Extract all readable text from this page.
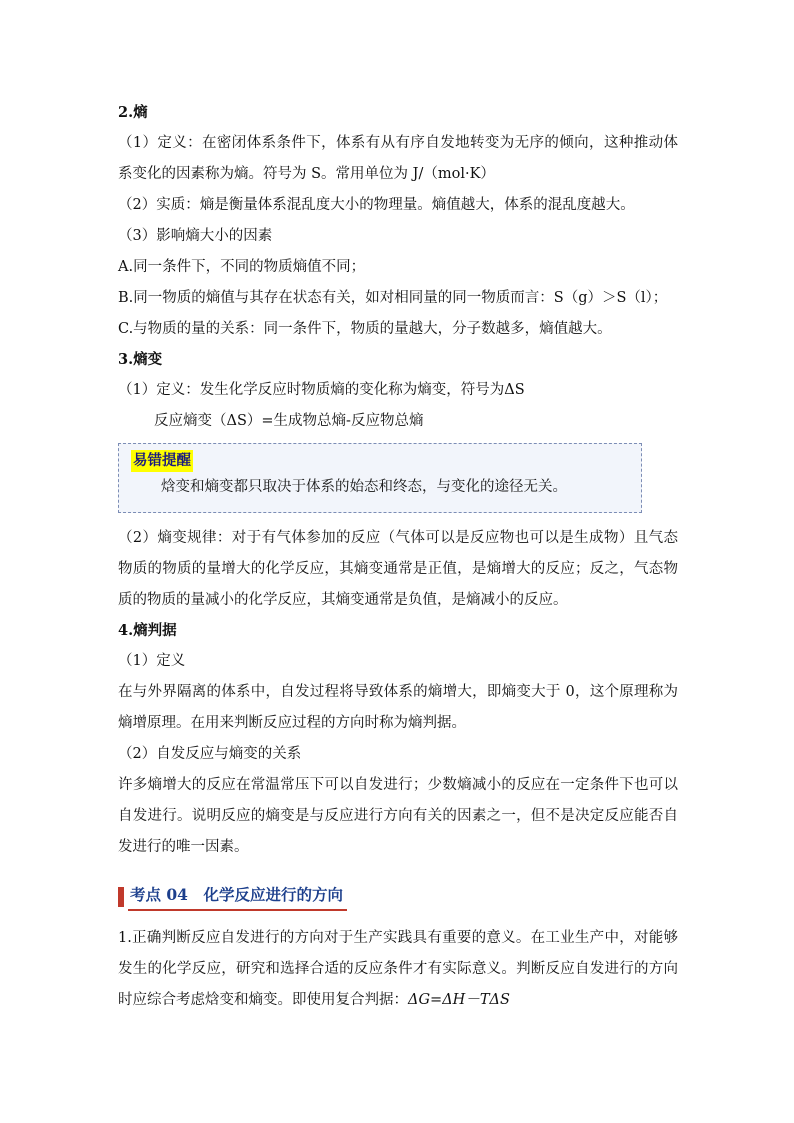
2.熵
（1）定义：在密闭体系条件下，体系有从有序自发地转变为无序的倾向，这种推动体系变化的因素称为熵。符号为 S。常用单位为 J/（mol·K）
（2）实质：熵是衡量体系混乱度大小的物理量。熵值越大，体系的混乱度越大。
（3）影响熵大小的因素
A.同一条件下，不同的物质熵值不同；
B.同一物质的熵值与其存在状态有关，如对相同量的同一物质而言：S（g）＞S（l）；
C.与物质的量的关系：同一条件下，物质的量越大，分子数越多，熵值越大。
3.熵变
（1）定义：发生化学反应时物质熵的变化称为熵变，符号为ΔS
反应熵变（ΔS）=生成物总熵-反应物总熵
易错提醒
焓变和熵变都只取决于体系的始态和终态，与变化的途径无关。
（2）熵变规律：对于有气体参加的反应（气体可以是反应物也可以是生成物）且气态物质的物质的量增大的化学反应，其熵变通常是正值，是熵增大的反应；反之，气态物质的物质的量减小的化学反应，其熵变通常是负值，是熵减小的反应。
4.熵判据
（1）定义
在与外界隔离的体系中，自发过程将导致体系的熵增大，即熵变大于 0，这个原理称为熵增原理。在用来判断反应过程的方向时称为熵判据。
（2）自发反应与熵变的关系
许多熵增大的反应在常温常压下可以自发进行；少数熵减小的反应在一定条件下也可以自发进行。说明反应的熵变是与反应进行方向有关的因素之一，但不是决定反应能否自发进行的唯一因素。
考点 04　化学反应进行的方向
1.正确判断反应自发进行的方向对于生产实践具有重要的意义。在工业生产中，对能够发生的化学反应，研究和选择合适的反应条件才有实际意义。判断反应自发进行的方向时应综合考虑焓变和熵变。即使用复合判据：ΔG=ΔH－TΔS
